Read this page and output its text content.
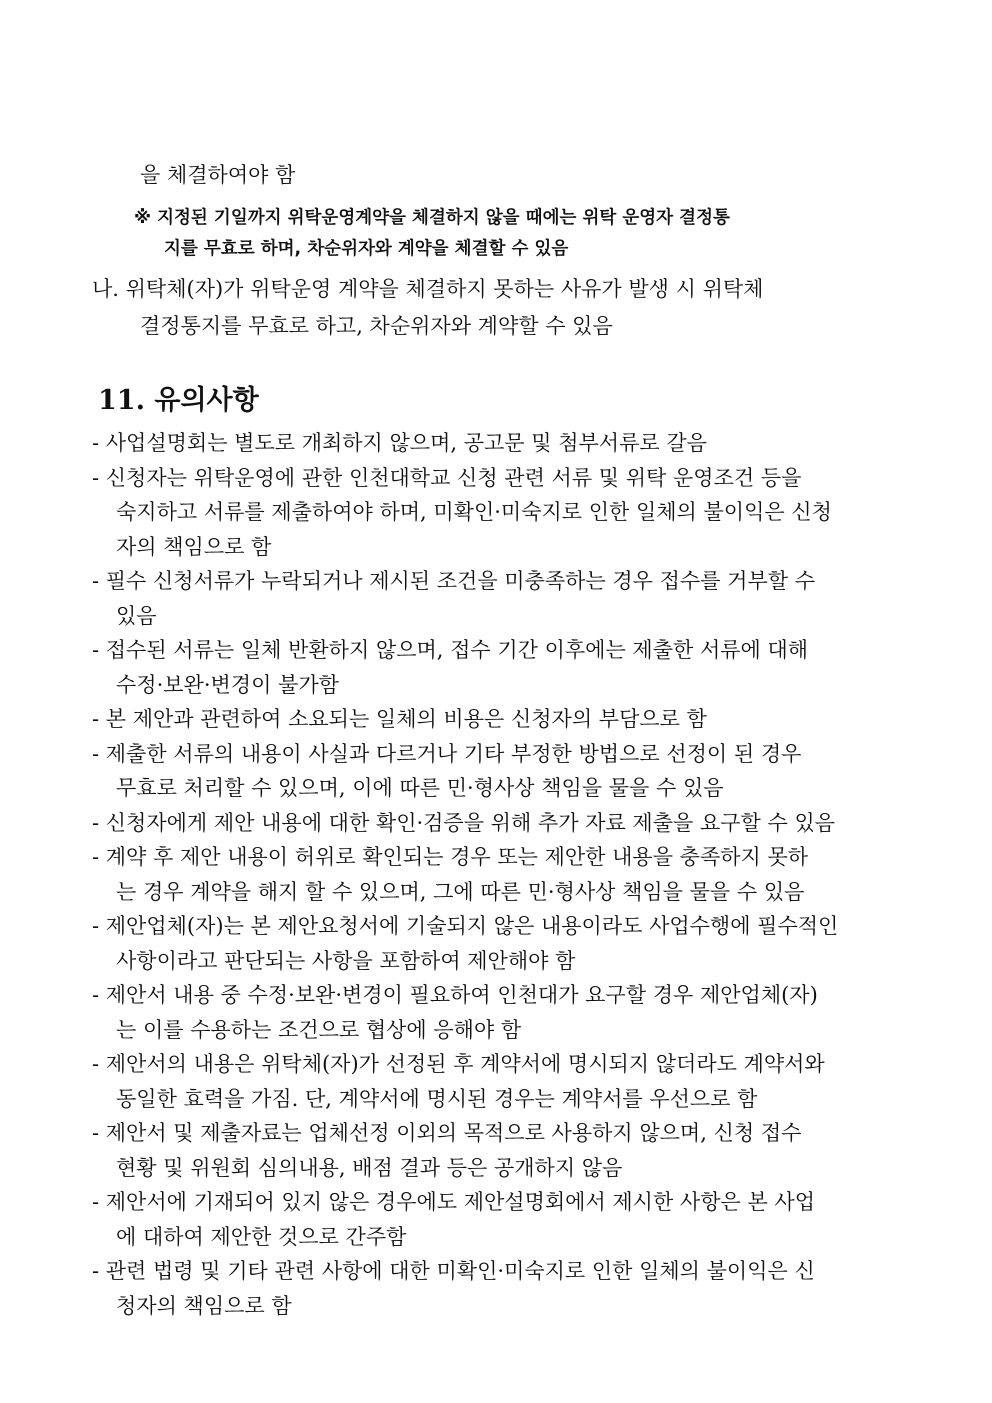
을 체결하여야 함
※ 지정된 기일까지 위탁운영계약을 체결하지 않을 때에는 위탁 운영자 결정통
지를 무효로 하며, 차순위자와 계약을 체결할 수 있음
나. 위탁체(자)가 위탁운영 계약을 체결하지 못하는 사유가 발생 시 위탁체
결정통지를 무효로 하고, 차순위자와 계약할 수 있음
11. 유의사항
- 사업설명회는 별도로 개최하지 않으며, 공고문 및 첨부서류로 갈음
- 신청자는 위탁운영에 관한 인천대학교 신청 관련 서류 및 위탁 운영조건 등을
숙지하고 서류를 제출하여야 하며, 미확인·미숙지로 인한 일체의 불이익은 신청
자의 책임으로 함
- 필수 신청서류가 누락되거나 제시된 조건을 미충족하는 경우 접수를 거부할 수
있음
- 접수된 서류는 일체 반환하지 않으며, 접수 기간 이후에는 제출한 서류에 대해
수정·보완·변경이 불가함
- 본 제안과 관련하여 소요되는 일체의 비용은 신청자의 부담으로 함
- 제출한 서류의 내용이 사실과 다르거나 기타 부정한 방법으로 선정이 된 경우
무효로 처리할 수 있으며, 이에 따른 민·형사상 책임을 물을 수 있음
- 신청자에게 제안 내용에 대한 확인·검증을 위해 추가 자료 제출을 요구할 수 있음
- 계약 후 제안 내용이 허위로 확인되는 경우 또는 제안한 내용을 충족하지 못하
는 경우 계약을 해지 할 수 있으며, 그에 따른 민·형사상 책임을 물을 수 있음
- 제안업체(자)는 본 제안요청서에 기술되지 않은 내용이라도 사업수행에 필수적인
사항이라고 판단되는 사항을 포함하여 제안해야 함
- 제안서 내용 중 수정·보완·변경이 필요하여 인천대가 요구할 경우 제안업체(자)
는 이를 수용하는 조건으로 협상에 응해야 함
- 제안서의 내용은 위탁체(자)가 선정된 후 계약서에 명시되지 않더라도 계약서와
동일한 효력을 가짐. 단, 계약서에 명시된 경우는 계약서를 우선으로 함
- 제안서 및 제출자료는 업체선정 이외의 목적으로 사용하지 않으며, 신청 접수
현황 및 위원회 심의내용, 배점 결과 등은 공개하지 않음
- 제안서에 기재되어 있지 않은 경우에도 제안설명회에서 제시한 사항은 본 사업
에 대하여 제안한 것으로 간주함
- 관련 법령 및 기타 관련 사항에 대한 미확인·미숙지로 인한 일체의 불이익은 신
청자의 책임으로 함
